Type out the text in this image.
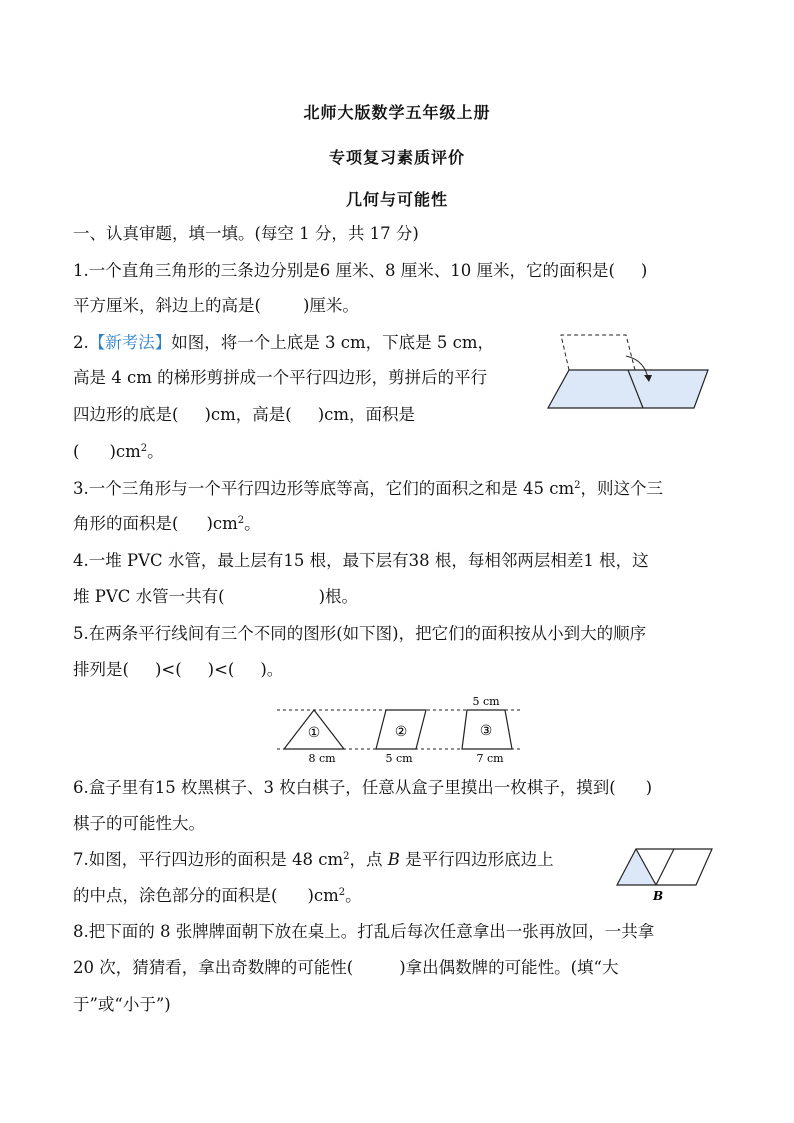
北师大版数学五年级上册
专项复习素质评价
几何与可能性
一、认真审题，填一填。(每空 1 分，共 17 分)
1.一个直角三角形的三条边分别是6 厘米、8 厘米、10 厘米，它的面积是( )
平方厘米，斜边上的高是(	)厘米。
2.【新考法】如图，将一个上底是 3 cm，下底是 5 cm，
高是 4 cm 的梯形剪拼成一个平行四边形，剪拼后的平行
四边形的底是( )cm，高是( )cm，面积是
( )$cm^2$。
3.一个三角形与一个平行四边形等底等高，它们的面积之和是 45 $cm^2$，则这个三
角形的面积是( )$cm^2$。
4.一堆 PVC 水管，最上层有15 根，最下层有38 根，每相邻两层相差1 根，这
堆 PVC 水管一共有(	)根。
5.在两条平行线间有三个不同的图形(如下图)，把它们的面积按从小到大的顺序
排列是( )<( )<( )。
①	②	③
5 cm
8 cm	5 cm	7 cm
6.盒子里有15 枚黑棋子、3 枚白棋子，任意从盒子里摸出一枚棋子，摸到( )
棋子的可能性大。
7.如图，平行四边形的面积是 48 $cm^2$，点 B 是平行四边形底边上
的中点，涂色部分的面积是( )$cm^2$。	B
8.把下面的 8 张牌牌面朝下放在桌上。打乱后每次任意拿出一张再放回，一共拿
20 次，猜猜看，拿出奇数牌的可能性(	)拿出偶数牌的可能性。(填“大
于”或“小于”)
